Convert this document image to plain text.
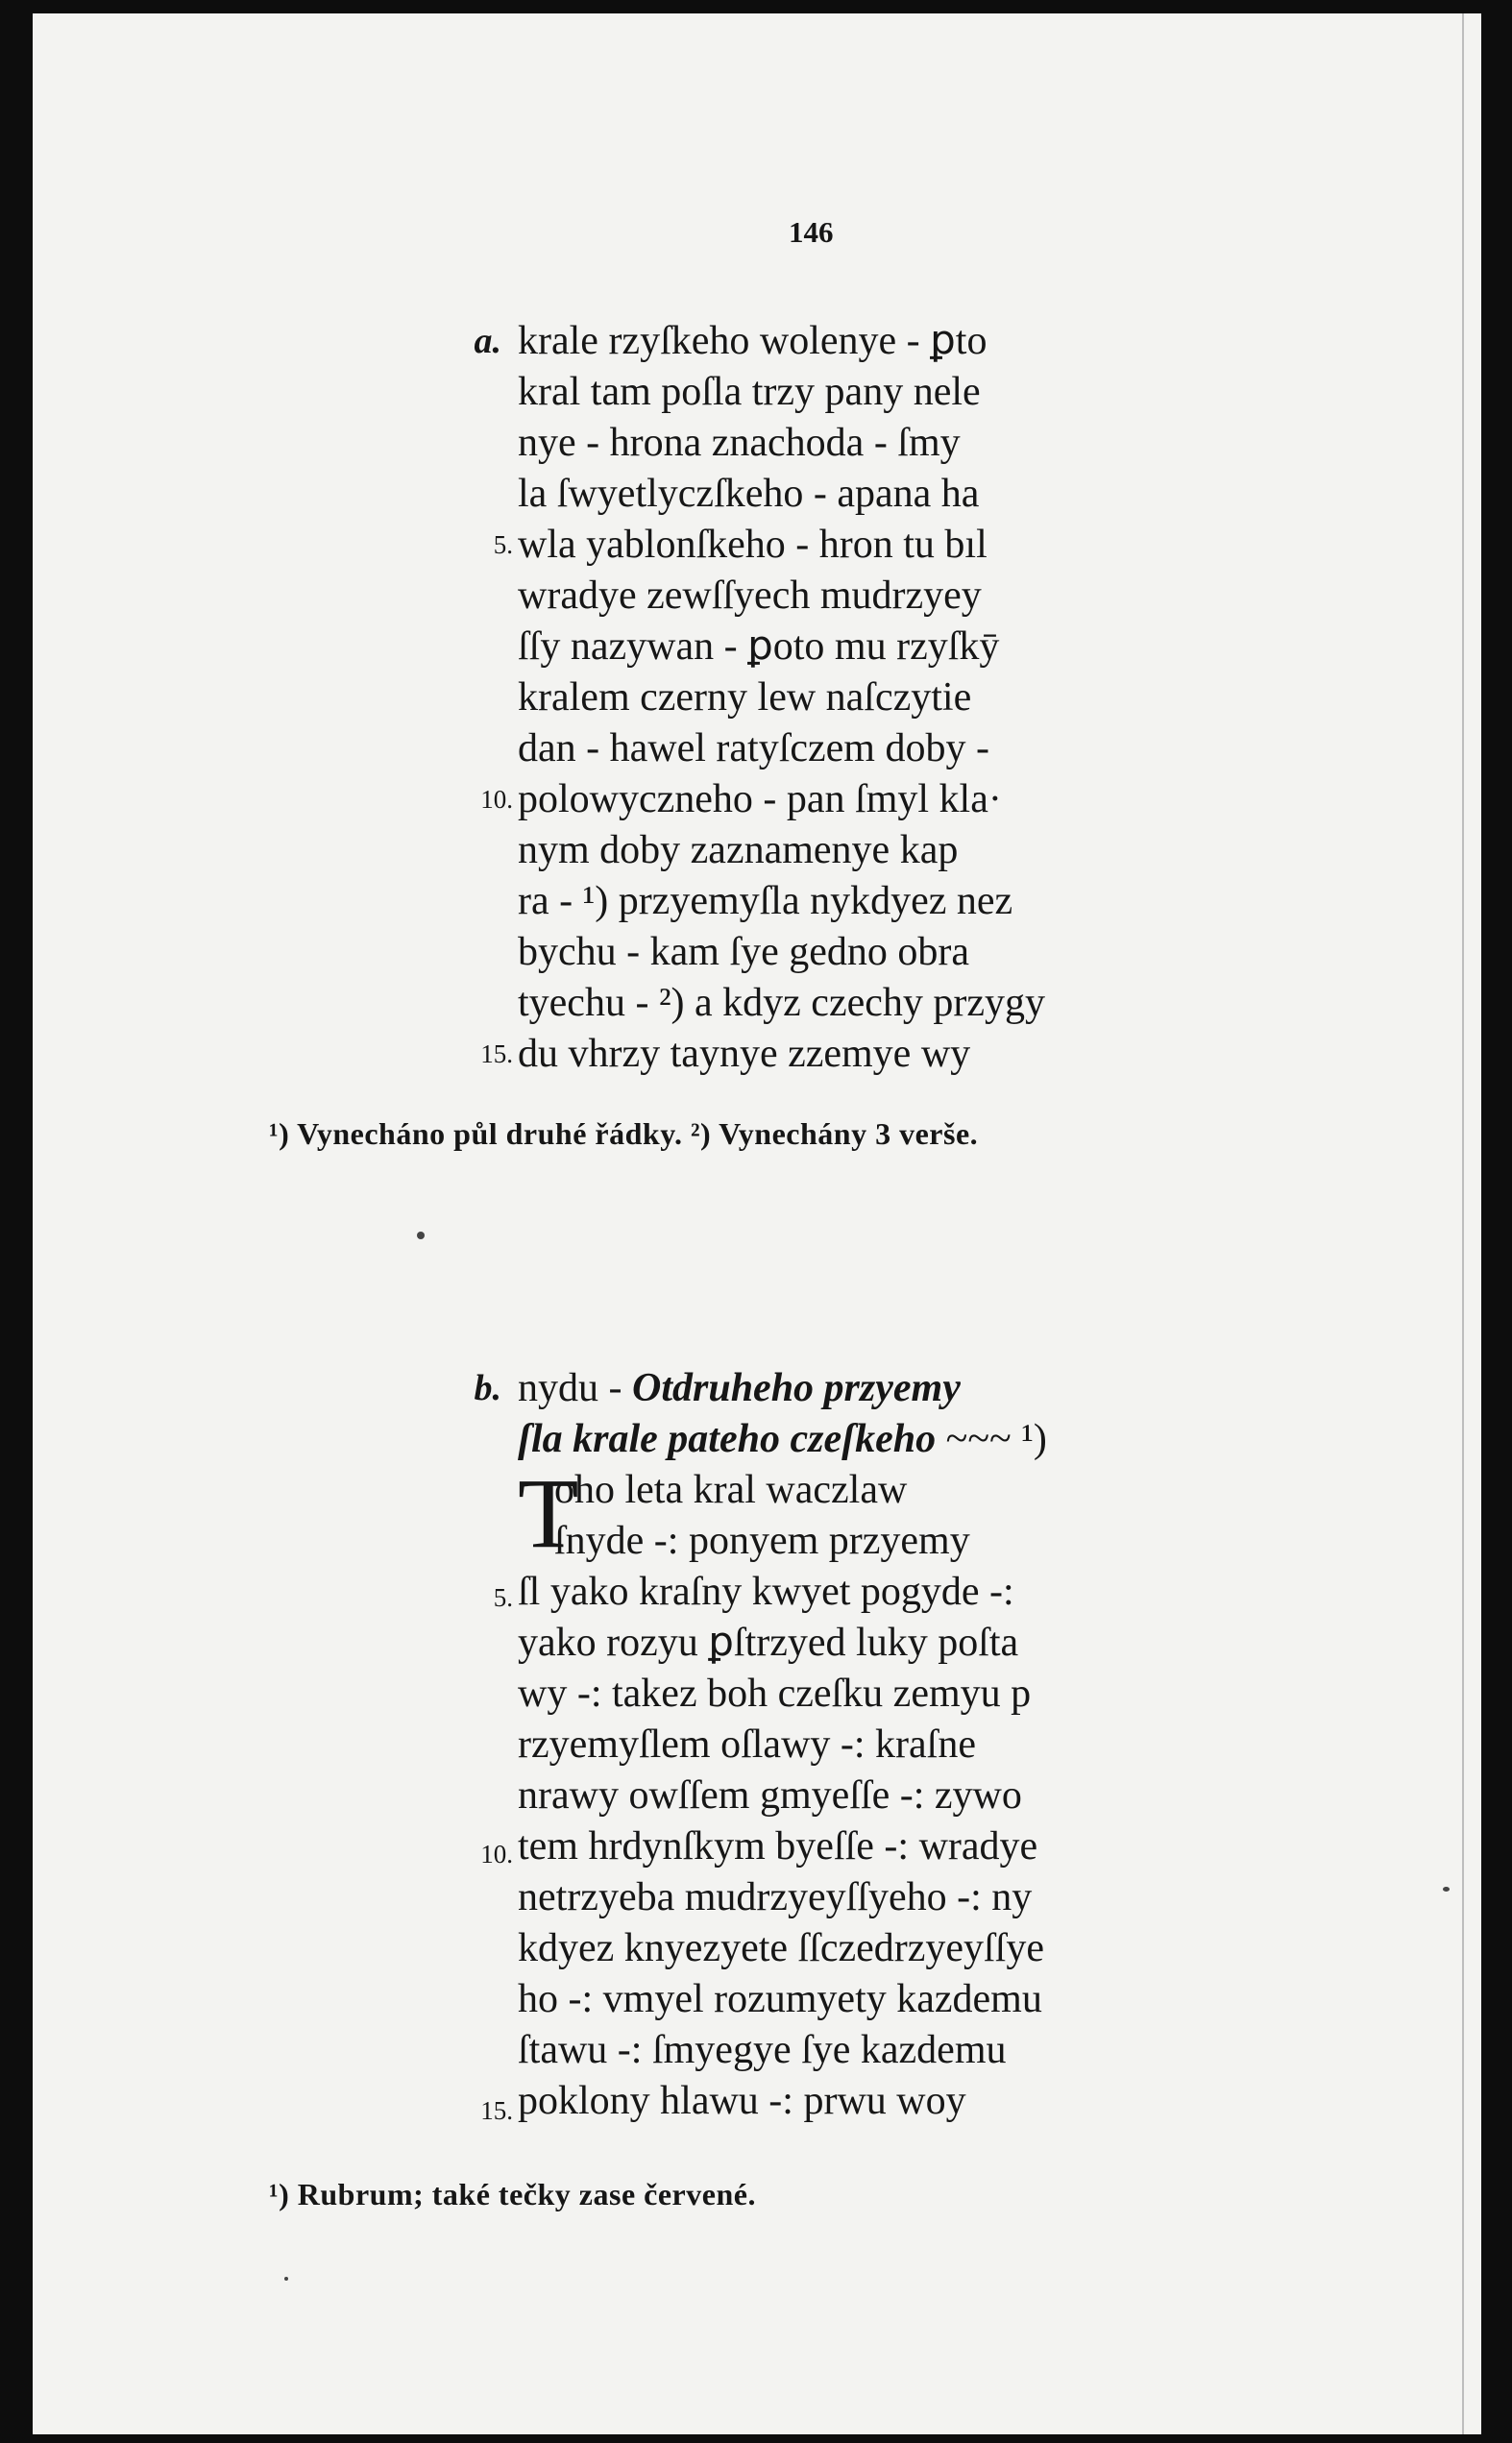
146
a.
5.
10.
15.
krale rzyſkeho wolenye - ꝑto
kral tam poſla trzy pany nele
nye - hrona znachoda - ſmy
la ſwyetlyczſkeho - apana ha
wla yablonſkeho - hron tu bıl
wradye zewſſyech mudrzyey
ſſy nazywan - ꝑoto mu rzyſkȳ
kralem czerny lew naſczytie
dan - hawel ratyſczem doby -
polowyczneho - pan ſmyl kla·
nym doby zaznamenye kap
ra - ¹) przyemyſla nykdyez nez
bychu - kam ſye gedno obra
tyechu - ²) a kdyz czechy przygy
du vhrzy taynye zzemye wy
¹) Vynecháno půl druhé řádky. ²) Vynechány 3 verše.
b.
5.
10.
15.
nydu - Otdruheho przyemy
ſla krale pateho czeſkeho ~~~ ¹)
T
oho leta kral waczlaw
ſnyde -: ponyem przyemy
ſl yako kraſny kwyet pogyde -:
yako rozyu ꝑſtrzyed luky poſta
wy -: takez boh czeſku zemyu p
rzyemyſlem oſlawy -: kraſne
nrawy owſſem gmyeſſe -: zywo
tem hrdynſkym byeſſe -: wradye
netrzyeba mudrzyeyſſyeho -: ny
kdyez knyezyete ſſczedrzyeyſſye
ho -: vmyel rozumyety kazdemu
ſtawu -: ſmyegye ſye kazdemu
poklony hlawu -: prwu woy
¹) Rubrum; také tečky zase červené.
